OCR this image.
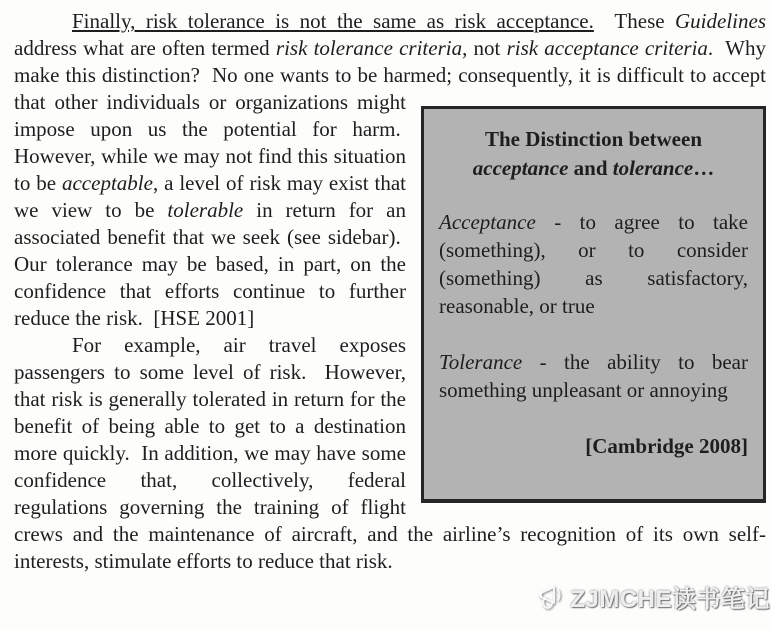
Finally, risk tolerance is not the same as risk acceptance.  These Guidelines address what are often termed risk tolerance criteria, not risk acceptance criteria.  Why make this distinction?  No one wants to be harmed; consequently, it is difficult to accept that other individuals or organizations
The Distinction between
acceptance and tolerance…
Acceptance - to agree to take (something), or to consider (something) as satisfactory, reasonable, or true
Tolerance - the ability to bear something unpleasant or annoying
[Cambridge 2008]
might impose upon us the potential for harm.  However, while we may not find this situation to be acceptable, a level of risk may exist that we view to be tolerable in return for an associated benefit that we seek (see sidebar).  Our tolerance may be based, in part, on the confidence that efforts continue to further reduce the risk.  [HSE 2001]

For example, air travel exposes passengers to some level of risk.  However, that risk is generally tolerated in return for the benefit of being able to get to a destination more quickly.  In addition, we may have some confidence that, collectively, federal regulations governing the training of flight crews and the maintenance of aircraft, and the airline’s recognition of its own self-interests, stimulate efforts to reduce that risk.

ZJMCHE读书笔记
